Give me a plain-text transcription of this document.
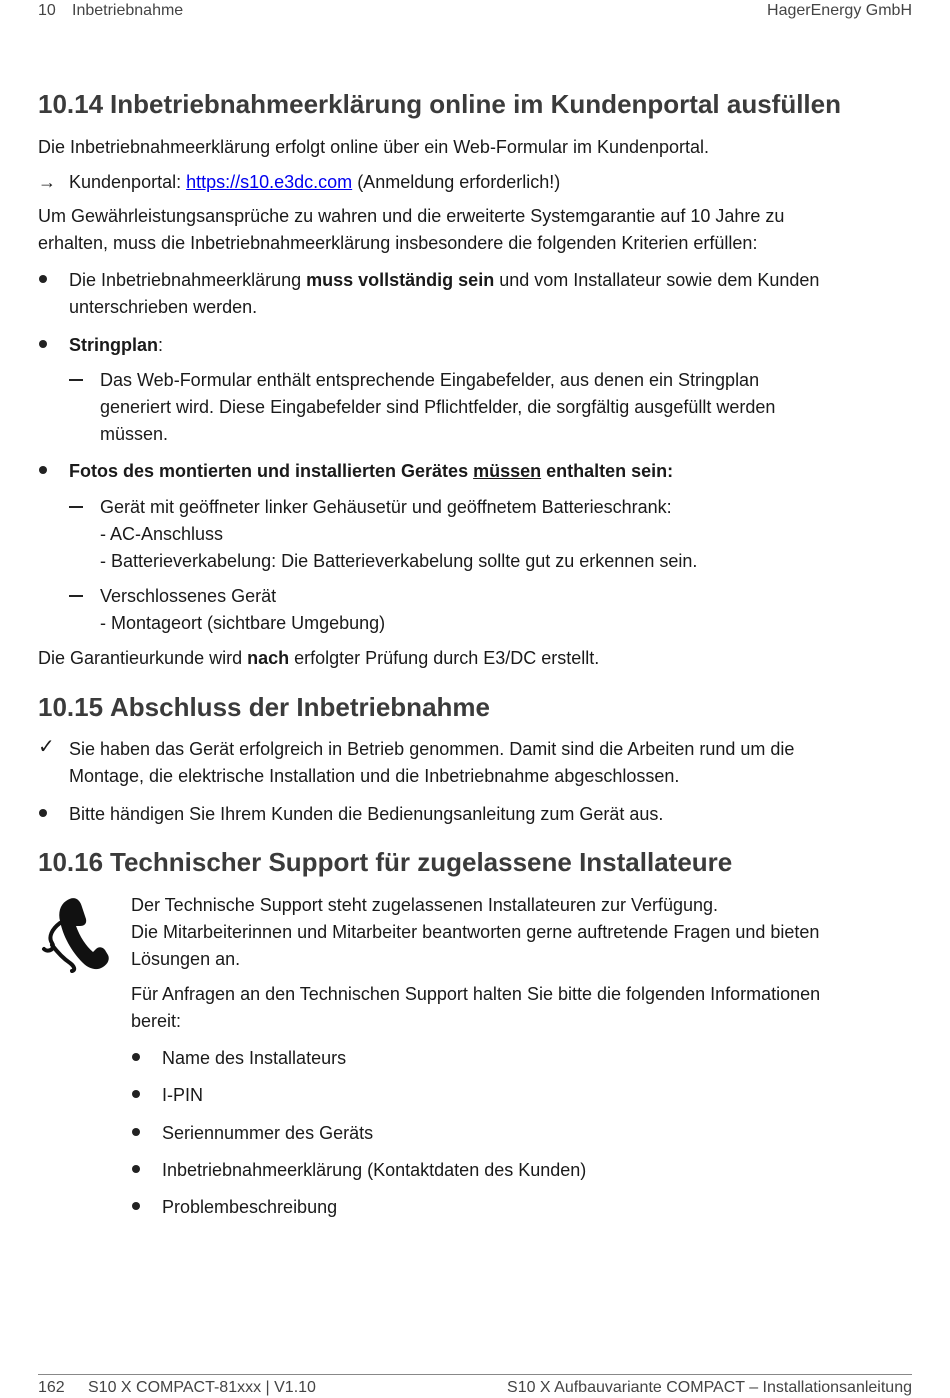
10 Inbetriebnahme	HagerEnergy GmbH
10.14 Inbetriebnahmeerklärung online im Kundenportal ausfüllen

Die Inbetriebnahmeerklärung erfolgt online über ein Web-Formular im Kundenportal.

→ Kundenportal: https://s10.e3dc.com (Anmeldung erforderlich!)

Um Gewährleistungsansprüche zu wahren und die erweiterte Systemgarantie auf 10 Jahre zu
erhalten, muss die Inbetriebnahmeerklärung insbesondere die folgenden Kriterien erfüllen:

Die Inbetriebnahmeerklärung muss vollständig sein und vom Installateur sowie dem Kunden
unterschrieben werden.

Stringplan:

Das Web-Formular enthält entsprechende Eingabefelder, aus denen ein Stringplan
generiert wird. Diese Eingabefelder sind Pflichtfelder, die sorgfältig ausgefüllt werden
müssen.

Fotos des montierten und installierten Gerätes müssen enthalten sein:

Gerät mit geöffneter linker Gehäusetür und geöffnetem Batterieschrank:
- AC-Anschluss
- Batterieverkabelung: Die Batterieverkabelung sollte gut zu erkennen sein.

Verschlossenes Gerät
- Montageort (sichtbare Umgebung)

Die Garantieurkunde wird nach erfolgter Prüfung durch E3/DC erstellt.

10.15 Abschluss der Inbetriebnahme
✓ Sie haben das Gerät erfolgreich in Betrieb genommen. Damit sind die Arbeiten rund um die
Montage, die elektrische Installation und die Inbetriebnahme abgeschlossen.

Bitte händigen Sie Ihrem Kunden die Bedienungsanleitung zum Gerät aus.

10.16 Technischer Support für zugelassene Installateure

Der Technische Support steht zugelassenen Installateuren zur Verfügung.
Die Mitarbeiterinnen und Mitarbeiter beantworten gerne auftretende Fragen und bieten
Lösungen an.

Für Anfragen an den Technischen Support halten Sie bitte die folgenden Informationen
bereit:

Name des Installateurs

I-PIN

Seriennummer des Geräts

Inbetriebnahmeerklärung (Kontaktdaten des Kunden)

Problembeschreibung

162 S10 X COMPACT-81xxx | V1.10	S10 X Aufbauvariante COMPACT – Installationsanleitung
